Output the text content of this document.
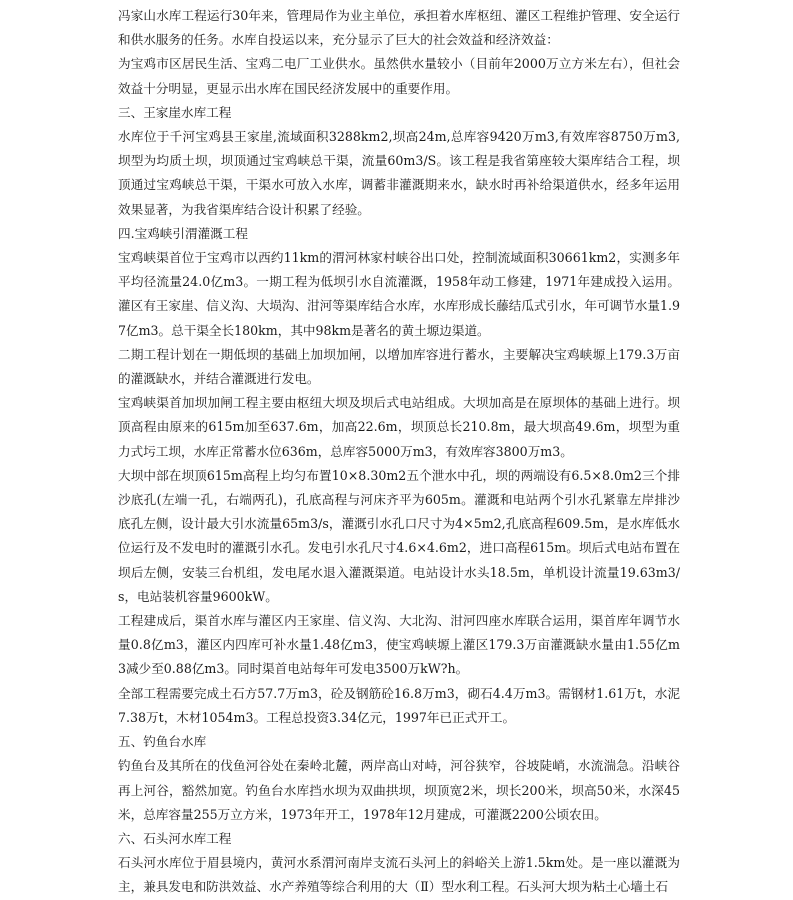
冯家山水库工程运行30年来，管理局作为业主单位，承担着水库枢纽、灌区工程维护管理、安全运行和供水服务的任务。水库自投运以来，充分显示了巨大的社会效益和经济效益：

为宝鸡市区居民生活、宝鸡二电厂工业供水。虽然供水量较小（目前年2000万立方米左右），但社会效益十分明显，更显示出水库在国民经济发展中的重要作用。

三、王家崖水库工程

水库位于千河宝鸡县王家崖,流域面积3288km2,坝高24m,总库容9420万m3,有效库容8750万m3,坝型为均质土坝，坝顶通过宝鸡峡总干渠，流量60m3/S。该工程是我省第座较大渠库结合工程，坝顶通过宝鸡峡总干渠，干渠水可放入水库，调蓄非灌溉期来水，缺水时再补给渠道供水，经多年运用效果显著，为我省渠库结合设计积累了经验。

四.宝鸡峡引渭灌溉工程

宝鸡峡渠首位于宝鸡市以西约11km的渭河林家村峡谷出口处，控制流域面积30661km2，实测多年平均径流量24.0亿m3。一期工程为低坝引水自流灌溉，1958年动工修建，1971年建成投入运用。灌区有王家崖、信义沟、大埙沟、泔河等渠库结合水库，水库形成长藤结瓜式引水，年可调节水量1.97亿m3。总干渠全长180km，其中98km是著名的黄土塬边渠道。

二期工程计划在一期低坝的基础上加坝加闸，以增加库容进行蓄水，主要解决宝鸡峡塬上179.3万亩的灌溉缺水，并结合灌溉进行发电。

宝鸡峡渠首加坝加闸工程主要由枢纽大坝及坝后式电站组成。大坝加高是在原坝体的基础上进行。坝顶高程由原来的615m加至637.6m，加高22.6m，坝顶总长210.8m，最大坝高49.6m，坝型为重力式圬工坝，水库正常蓄水位636m，总库容5000万m3，有效库容3800万m3。

大坝中部在坝顶615m高程上均匀布置10×8.30m2五个泄水中孔，坝的两端设有6.5×8.0m2三个排沙底孔(左端一孔，右端两孔)，孔底高程与河床齐平为605m。灌溉和电站两个引水孔紧靠左岸排沙底孔左侧，设计最大引水流量65m3/s，灌溉引水孔口尺寸为4×5m2,孔底高程609.5m，是水库低水位运行及不发电时的灌溉引水孔。发电引水孔尺寸4.6×4.6m2，进口高程615m。坝后式电站布置在坝后左侧，安装三台机组，发电尾水退入灌溉渠道。电站设计水头18.5m，单机设计流量19.63m3/s，电站装机容量9600kW。

工程建成后，渠首水库与灌区内王家崖、信义沟、大北沟、泔河四座水库联合运用，渠首库年调节水量0.8亿m3，灌区内四库可补水量1.48亿m3，使宝鸡峡塬上灌区179.3万亩灌溉缺水量由1.55亿m3减少至0.88亿m3。同时渠首电站每年可发电3500万kW?h。

全部工程需要完成土石方57.7万m3，砼及钢筋砼16.8万m3，砌石4.4万m3。需钢材1.61万t，水泥7.38万t，木材1054m3。工程总投资3.34亿元，1997年已正式开工。

五、钓鱼台水库

钓鱼台及其所在的伐鱼河谷处在秦岭北麓，两岸高山对峙，河谷狭窄，谷坡陡峭，水流湍急。沿峡谷再上河谷，豁然加宽。钓鱼台水库挡水坝为双曲拱坝，坝顶宽2米，坝长200米，坝高50米，水深45米，总库容量255万立方米，1973年开工，1978年12月建成，可灌溉2200公顷农田。

六、石头河水库工程

石头河水库位于眉县境内，黄河水系渭河南岸支流石头河上的斜峪关上游1.5km处。是一座以灌溉为主，兼具发电和防洪效益、水产养殖等综合利用的大（Ⅱ）型水利工程。石头河大坝为粘土心墙土石
